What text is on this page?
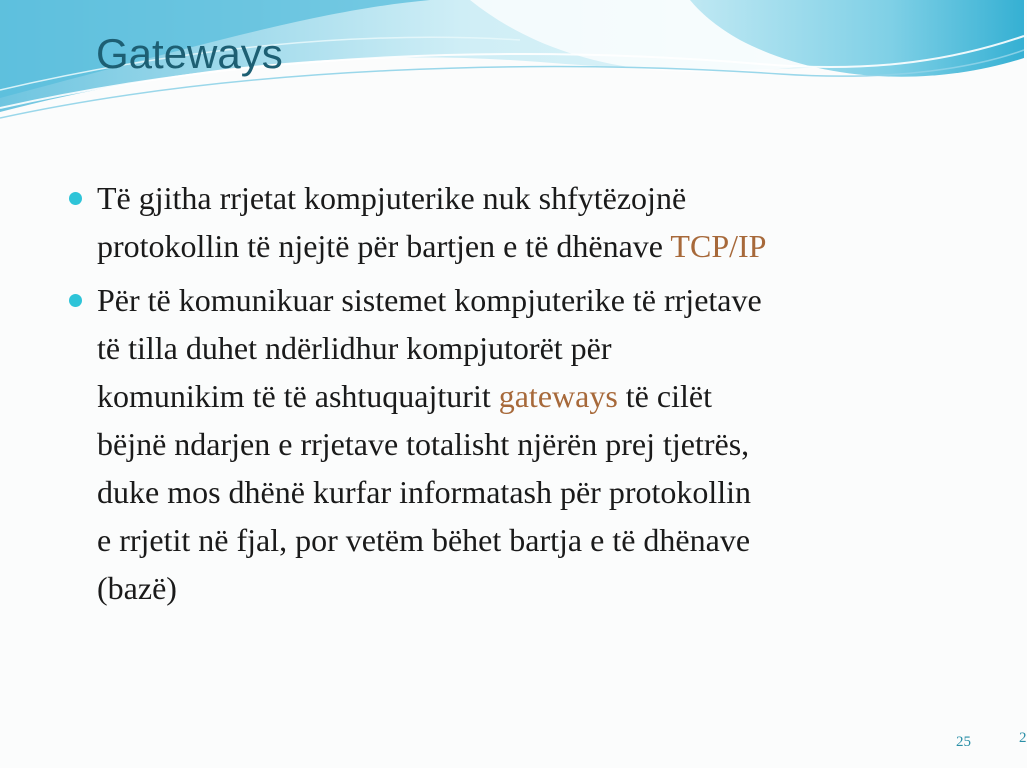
Gateways
Të gjitha rrjetat kompjuterike nuk shfytëzojnë
protokollin të njejtë për bartjen e të dhënave TCP/IP
Për të komunikuar sistemet kompjuterike të rrjetave
të tilla duhet ndërlidhur kompjutorët për
komunikim të të ashtuquajturit gateways të cilët
bëjnë ndarjen e rrjetave totalisht njërën prej tjetrës,
duke mos dhënë kurfar informatash për protokollin
e rrjetit në fjal, por vetëm bëhet bartja e të dhënave
(bazë)
25	2
